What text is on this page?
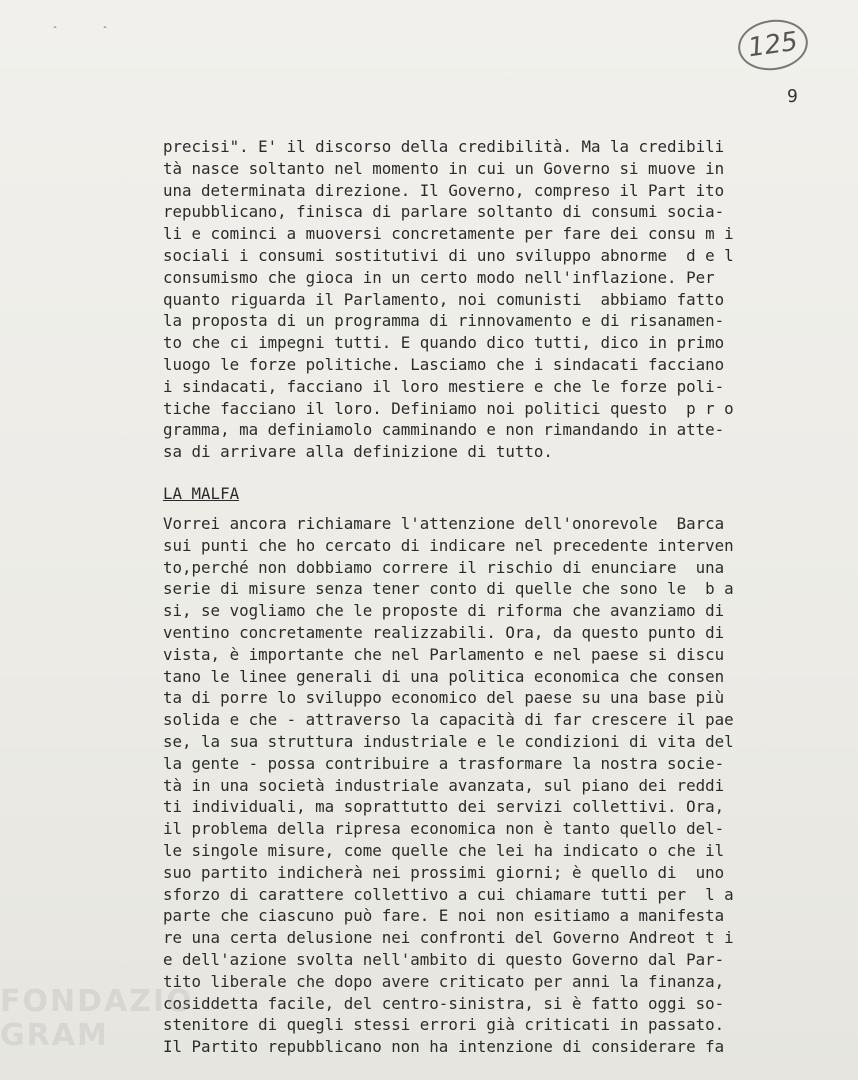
-	-	125
9
precisi". E' il discorso della credibilità. Ma la credibili
tà nasce soltanto nel momento in cui un Governo si muove in
una determinata direzione. Il Governo, compreso il Part ito
repubblicano, finisca di parlare soltanto di consumi socia-
li e cominci a muoversi concretamente per fare dei consu m i
sociali i consumi sostitutivi di uno sviluppo abnorme  d e l
consumismo che gioca in un certo modo nell'inflazione. Per
quanto riguarda il Parlamento, noi comunisti  abbiamo fatto
la proposta di un programma di rinnovamento e di risanamen-
to che ci impegni tutti. E quando dico tutti, dico in primo
luogo le forze politiche. Lasciamo che i sindacati facciano
i sindacati, facciano il loro mestiere e che le forze poli-
tiche facciano il loro. Definiamo noi politici questo  p r o
gramma, ma definiamolo camminando e non rimandando in atte-
sa di arrivare alla definizione di tutto.
LA MALFA
Vorrei ancora richiamare l'attenzione dell'onorevole  Barca
sui punti che ho cercato di indicare nel precedente interven
to,perché non dobbiamo correre il rischio di enunciare  una
serie di misure senza tener conto di quelle che sono le  b a
si, se vogliamo che le proposte di riforma che avanziamo di
ventino concretamente realizzabili. Ora, da questo punto di
vista, è importante che nel Parlamento e nel paese si discu
tano le linee generali di una politica economica che consen
ta di porre lo sviluppo economico del paese su una base più
solida e che - attraverso la capacità di far crescere il pae
se, la sua struttura industriale e le condizioni di vita del
la gente - possa contribuire a trasformare la nostra socie-
tà in una società industriale avanzata, sul piano dei reddi
ti individuali, ma soprattutto dei servizi collettivi. Ora,
il problema della ripresa economica non è tanto quello del-
le singole misure, come quelle che lei ha indicato o che il
suo partito indicherà nei prossimi giorni; è quello di  uno
sforzo di carattere collettivo a cui chiamare tutti per  l a
parte che ciascuno può fare. E noi non esitiamo a manifesta
re una certa delusione nei confronti del Governo Andreot t i
e dell'azione svolta nell'ambito di questo Governo dal Par-
tito liberale che dopo avere criticato per anni la finanza,
cosiddetta facile, del centro-sinistra, si è fatto oggi so-
stenitore di quegli stessi errori già criticati in passato.
Il Partito repubblicano non ha intenzione di considerare fa
FONDAZIO
GRAM
